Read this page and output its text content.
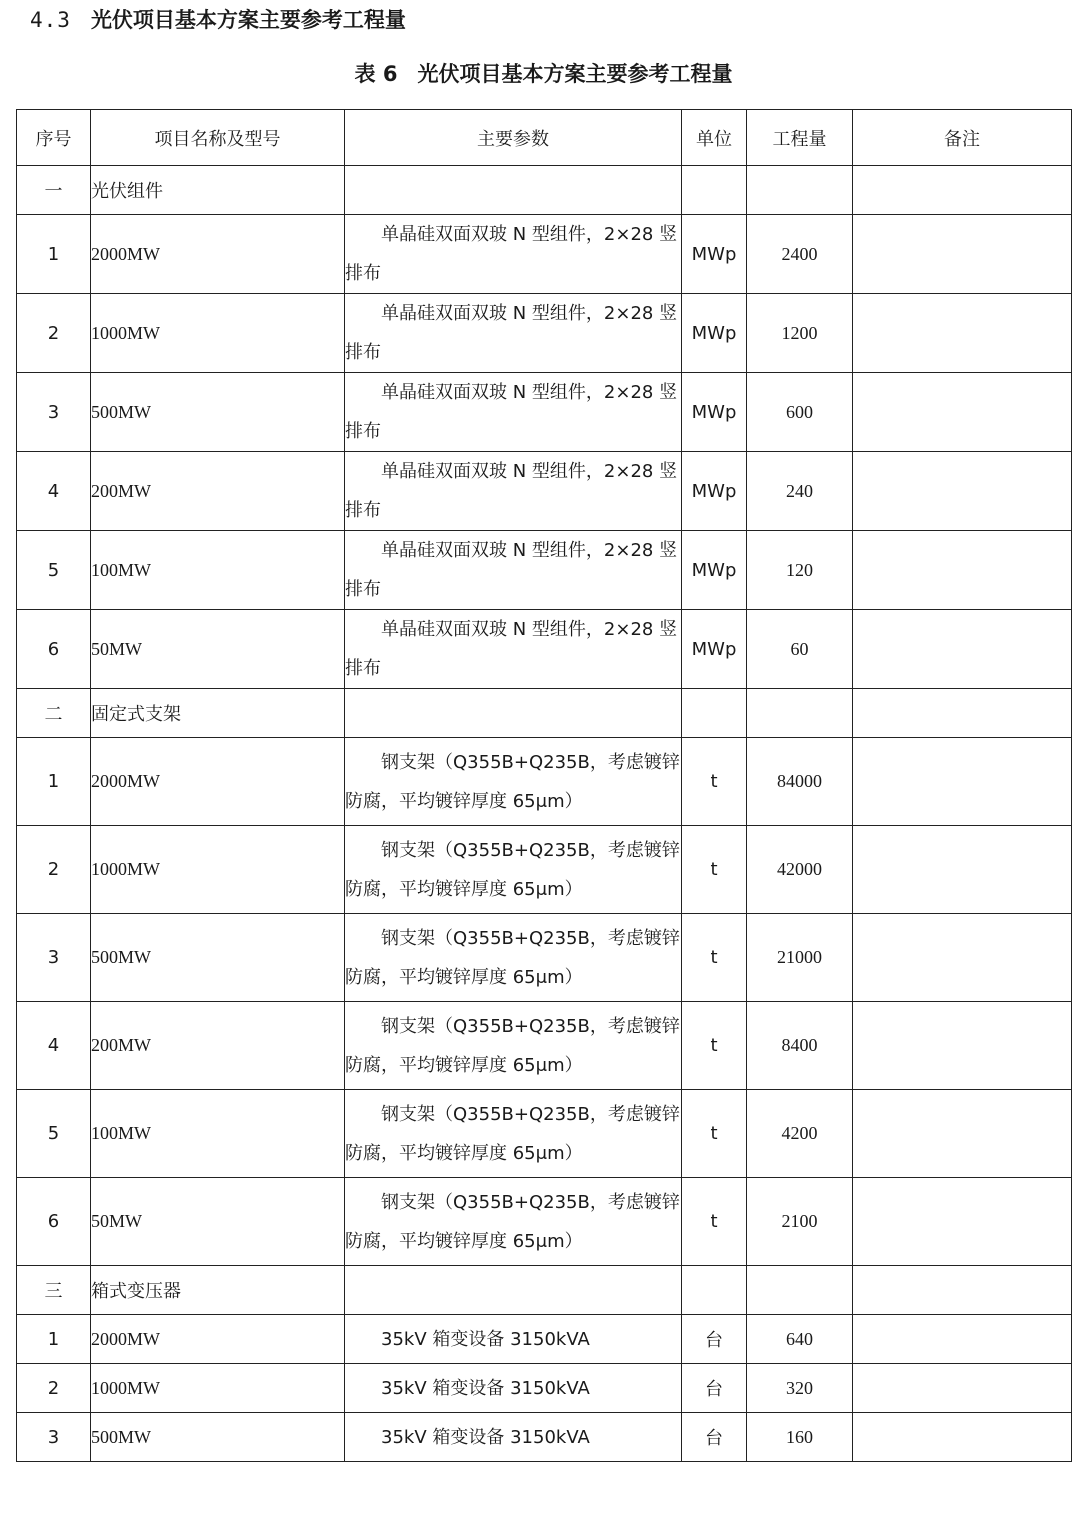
4.3 光伏项目基本方案主要参考工程量
表 6 光伏项目基本方案主要参考工程量
序号	项目名称及型号	主要参数	单位	工程量	备注
一	光伏组件				
1	2000MW	单晶硅双面双玻 N 型组件，2×28 竖排布	MWp	2400	
2	1000MW	单晶硅双面双玻 N 型组件，2×28 竖排布	MWp	1200	
3	500MW	单晶硅双面双玻 N 型组件，2×28 竖排布	MWp	600	
4	200MW	单晶硅双面双玻 N 型组件，2×28 竖排布	MWp	240	
5	100MW	单晶硅双面双玻 N 型组件，2×28 竖排布	MWp	120	
6	50MW	单晶硅双面双玻 N 型组件，2×28 竖排布	MWp	60	
二	固定式支架				
1	2000MW	钢支架（Q355B+Q235B，考虑镀锌防腐，平均镀锌厚度 65μm）	t	84000	
2	1000MW	钢支架（Q355B+Q235B，考虑镀锌防腐，平均镀锌厚度 65μm）	t	42000	
3	500MW	钢支架（Q355B+Q235B，考虑镀锌防腐，平均镀锌厚度 65μm）	t	21000	
4	200MW	钢支架（Q355B+Q235B，考虑镀锌防腐，平均镀锌厚度 65μm）	t	8400	
5	100MW	钢支架（Q355B+Q235B，考虑镀锌防腐，平均镀锌厚度 65μm）	t	4200	
6	50MW	钢支架（Q355B+Q235B，考虑镀锌防腐，平均镀锌厚度 65μm）	t	2100	
三	箱式变压器				
1	2000MW	35kV 箱变设备 3150kVA	台	640	
2	1000MW	35kV 箱变设备 3150kVA	台	320	
3	500MW	35kV 箱变设备 3150kVA	台	160	
